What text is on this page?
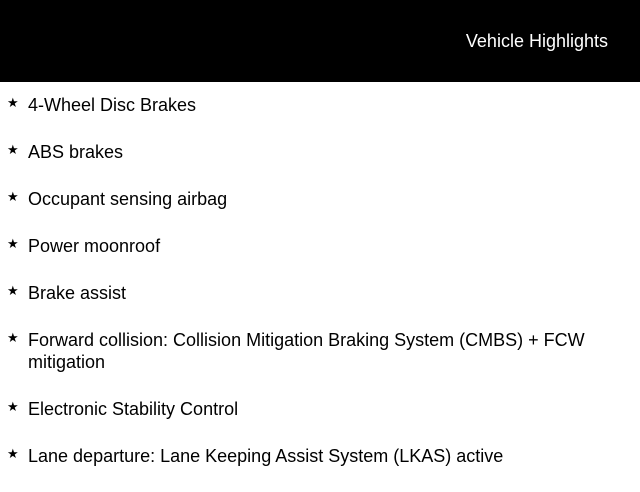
Vehicle Highlights
★ 4-Wheel Disc Brakes
★ ABS brakes
★ Occupant sensing airbag
★ Power moonroof
★ Brake assist
★ Forward collision: Collision Mitigation Braking System (CMBS) + FCW mitigation
★ Electronic Stability Control
★ Lane departure: Lane Keeping Assist System (LKAS) active
